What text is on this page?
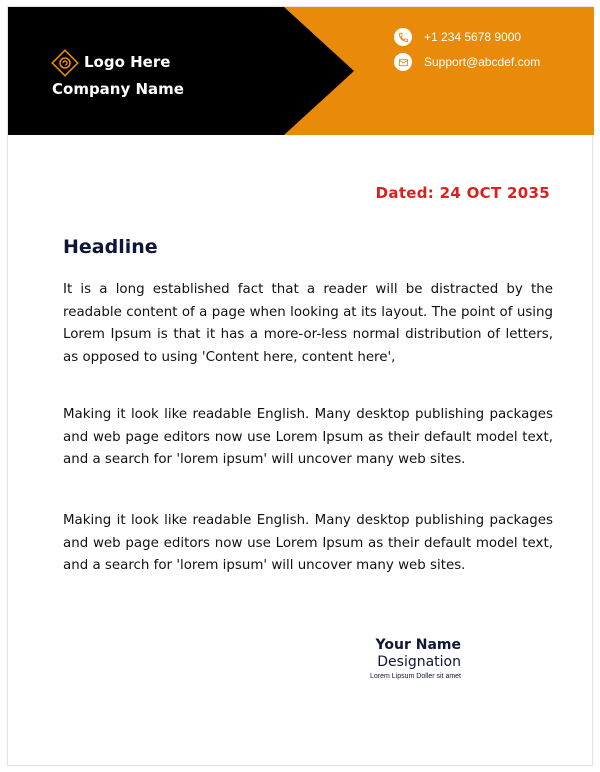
Logo Here
Company Name
+1 234 5678 9000
Support@abcdef.com
Dated: 24 OCT 2035
Headline

It is a long established fact that a reader will be distracted by the readable content of a page when looking at its layout. The point of using Lorem Ipsum is that it has a more-or-less normal distribution of letters, as opposed to using 'Content here, content here',

Making it look like readable English. Many desktop publishing packages and web page editors now use Lorem Ipsum as their default model text, and a search for 'lorem ipsum' will uncover many web sites.

Making it look like readable English. Many desktop publishing packages and web page editors now use Lorem Ipsum as their default model text, and a search for 'lorem ipsum' will uncover many web sites.

Your Name
Designation
Lorem Lipsum Doller sit amet
